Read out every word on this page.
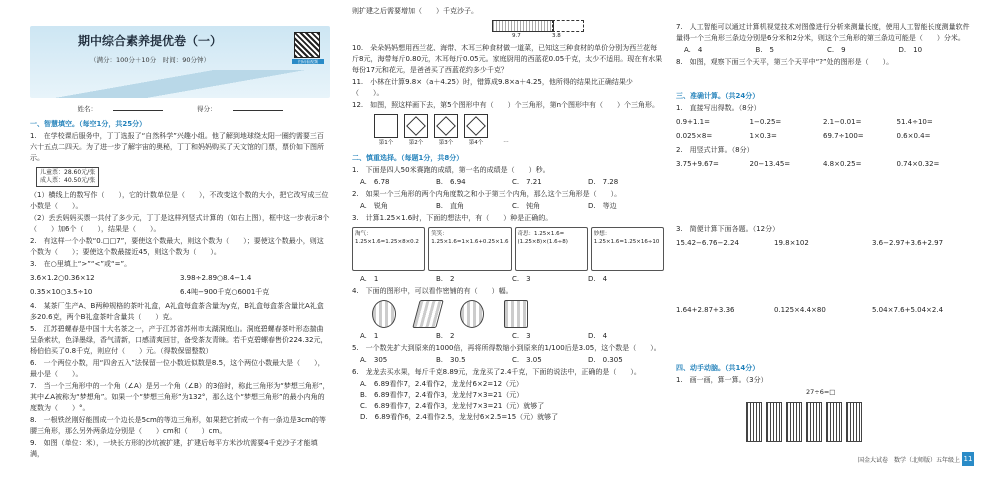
期中综合素养提优卷（一）
（满分：100分＋10分　时间：90分钟）	扫码看视频
姓名：	得分：
一、智慧填空。（每空1分，共25分）
1.　在学校课后服务中，丁丁选报了“自然科学”兴趣小组。他了解到地球绕太阳一圈约需要三百六十五点二四天。为了进一步了解宇宙的奥秘，丁丁和妈妈购买了天文馆的门票，票价如下图所示。
儿童票：28.60元/张
成人票：40.50元/张
（1）横线上的数写作（　　），它的计数单位是（　　），不改变这个数的大小，把它改写成三位小数是（　　）。
（2）丢丢妈妈买票一共付了多少元，丁丁是这样列竖式计算的（如右上图），框中这一步表示8个（　　）加6个（　　），结果是（　　）。
2.　有这样一个小数“0.□□7”，要使这个数最大，则这个数为（　　）；要使这个数最小，则这个数为（　　）；要使这个数最接近45，则这个数为（　　）。
3.　在○里填上“>”“<”或“=”。
3.6×1.2○0.36×12	3.98÷2.89○8.4−1.4
0.35×10○3.5÷10	6.4吨−900千克○6001千克
4.　某茶厂生产A、B两种规格的茶叶礼盒，A礼盒每盒茶含量为y克，B礼盒每盒茶含量比A礼盒多20.6克，两个B礼盒茶叶含量共（　　）克。
5.　江苏碧螺春是中国十大名茶之一，产于江苏省苏州市太湖洞庭山。洞庭碧螺春茶叶形态揣曲呈条索状，色泽墨绿，香气清新，口感清爽回甘，备受茶友青睐。若千克碧螺春售价224.32元，杨伯伯买了0.8千克，则应付（　　）元。（得数保留整数）
6.　一个两位小数，用“四舍五入”法保留一位小数近似数是8.5，这个两位小数最大是（　　），最小是（　　）。
7.　当一个三角形中的一个角（∠A）是另一个角（∠B）的3倍时，称此三角形为“梦想三角形”，其中∠A被称为“梦想角”。如果一个“梦想三角形”为132°，那么这个“梦想三角形”的最小内角的度数为（　　）°。
8.　一根铁丝刚好能围成一个边长是5cm的等边三角形，如果把它折成一个有一条边是3cm的等腰三角形，那么另外两条边分别是（　　）cm和（　　）cm。
9.　如图（单位：米），一块长方形的沙坑被扩建，扩建后每平方米沙坑需要4千克沙子才能填满，
则扩建之后需要增加（　　）千克沙子。
9.7	3.8
10.　朵朵妈妈想用西兰花、海带、木耳三种食材做一道菜，已知这三种食材的单价分别为西兰花每斤8元，海带每斤0.80元，木耳每斤0.05元。家庭厨用的西蓝花0.05千克，太少不适用。现在有水果每份17元和花元，是爸爸买了西蓝花约多少千克？
11.　小林在计算9.8×（a＋4.25）时，错算成9.8×a＋4.25，他所得的结果比正确结果少（　　）。
12.　如图，照这样画下去，第5个图形中有（　　）个三角形，第n个图形中有（　　）个三角形。
第1个	第2个	第3个	第4个	…
二、慎重选择。（每题1分，共8分）
1.　下面是四人50米赛跑的成绩，第一名的成绩是（　　）秒。
A.　6.78	B.　6.94	C.　7.21	D.　7.28
2.　如果一个三角形的两个内角度数之和小于第三个内角，那么这个三角形是（　　）。
A.　锐角	B.　直角	C.　钝角	D.　等边
3.　计算1.25×1.6时，下面的想法中，有（　　）种是正确的。
淘气：1.25×1.6=1.25×8×0.2
笑笑：1.25×1.6=1×1.6+0.25×1.6
奇思：1.25×1.6=(1.25×8)×(1.6÷8)
妙想：1.25×1.6=1.25×16÷10
A.　1	B.　2	C.　3	D.　4
4.　下面的图形中，可以看作密铺的有（　　）幅。
A.　1	B.　2	C.　3	D.　4
5.　一个数先扩大到原来的1000倍，再将所得数缩小到原来的1/100后是3.05，这个数是（　　）。
A.　305	B.　30.5	C.　3.05	D.　0.305
6.　龙龙去买水果，每斤千克8.89元，龙龙买了2.4千克，下面的说法中，正确的是（　　）。
A.　6.89看作7，2.4看作2，龙龙付6×2=12（元）
B.　6.89看作7，2.4看作3，龙龙付7×3=21（元）
C.　6.89看作7，2.4看作3，龙龙付7×3=21（元）就够了
D.　6.89看作6，2.4看作2.5，龙龙付6×2.5=15（元）就够了
7.　人工智能可以通过计算机视觉技术对图像进行分析来测量长度，使用人工智能长度测量软件量得一个三角形三条边分别是6分米和2分米，则这个三角形的第三条边可能是（　　）分米。
A.　4	B.　5	C.　9	D.　10
8.　如图，观察下面三个天平，第三个天平中“?”处的图形是（　　）。
三、准确计算。（共24分）
1.　直接写出得数。（8分）
0.9+1.1=	1−0.25=	2.1−0.01=	51.4÷10=
0.025×8=	1×0.3=	69.7÷100=	0.6×0.4=
2.　用竖式计算。（8分）
3.75+9.67=	20−13.45=	4.8×0.25=	0.74×0.32=
3.　简便计算下面各题。（12分）
15.42−6.76−2.24	19.8×102	3.6−2.97+3.6+2.97
1.64+2.87+3.36	0.125×4.4×80	5.04×7.6+5.04×2.4
四、动手动脑。（共14分）
1.　画一画，算一算。（3分）
27÷6=□
国金大试卷　数学（北师版）五年级上 11
